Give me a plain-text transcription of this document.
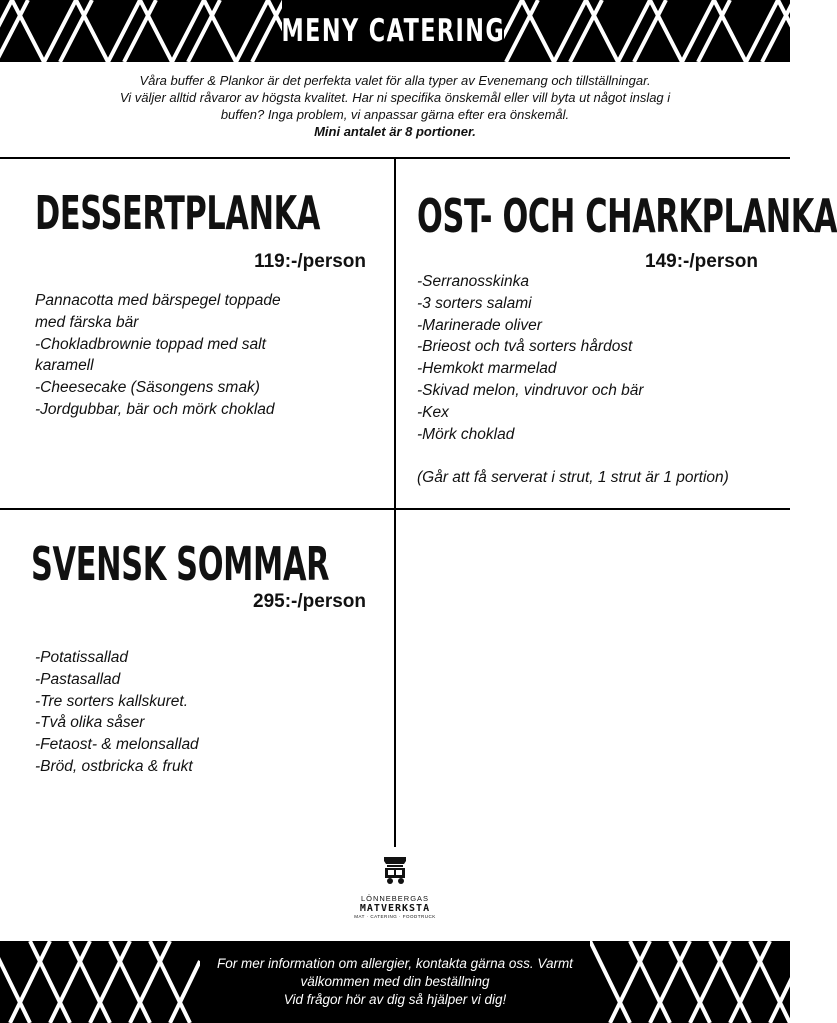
MENY CATERING
Våra buffer & Plankor är det perfekta valet för alla typer av Evenemang och tillställningar.
Vi väljer alltid råvaror av högsta kvalitet. Har ni specifika önskemål eller vill byta ut något inslag i
buffen? Inga problem, vi anpassar gärna efter era önskemål.
Mini antalet är 8 portioner.
DESSERTPLANKA
119:-/person
Pannacotta med bärspegel toppade
med färska bär
-Chokladbrownie toppad med salt
karamell
-Cheesecake (Säsongens smak)
-Jordgubbar, bär och mörk choklad
OST- OCH CHARKPLANKA
149:-/person
-Serranosskinka
-3 sorters salami
-Marinerade oliver
-Brieost och två sorters hårdost
-Hemkokt marmelad
-Skivad melon, vindruvor och bär
-Kex
-Mörk choklad
(Går att få serverat i strut, 1 strut är 1 portion)
SVENSK SOMMAR
295:-/person
-Potatissallad
-Pastasallad
-Tre sorters kallskuret.
-Två olika såser
-Fetaost- & melonsallad
-Bröd, ostbricka & frukt
LÖNNEBERGAS
MATVERKSTA
MAT · CATERING · FOODTRUCK
For mer information om allergier, kontakta gärna oss. Varmt
välkommen med din beställning
Vid frågor hör av dig så hjälper vi dig!
